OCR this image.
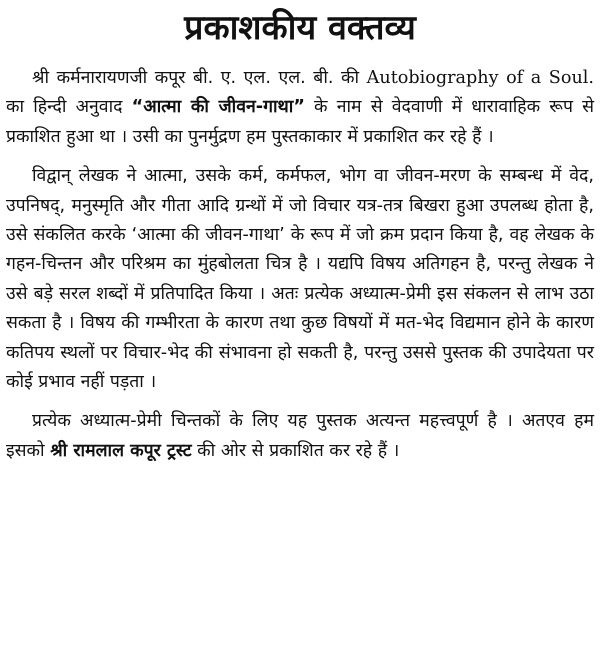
प्रकाशकीय वक्तव्य

श्री कर्मनारायणजी कपूर बी. ए. एल. एल. बी. की Autobiography of a Soul. का हिन्दी अनुवाद “आत्मा की जीवन-गाथा” के नाम से वेदवाणी में धारावाहिक रूप से प्रकाशित हुआ था । उसी का पुनर्मुद्रण हम पुस्तकाकार में प्रकाशित कर रहे हैं ।

विद्वान् लेखक ने आत्मा, उसके कर्म, कर्मफल, भोग वा जीवन-मरण के सम्बन्ध में वेद, उपनिषद्, मनुस्मृति और गीता आदि ग्रन्थों में जो विचार यत्र-तत्र बिखरा हुआ उपलब्ध होता है, उसे संकलित करके ‘आत्मा की जीवन-गाथा’ के रूप में जो क्रम प्रदान किया है, वह लेखक के गहन-चिन्तन और परिश्रम का मुंहबोलता चित्र है । यद्यपि विषय अतिगहन है, परन्तु लेखक ने उसे बड़े सरल शब्दों में प्रतिपादित किया । अतः प्रत्येक अध्यात्म-प्रेमी इस संकलन से लाभ उठा सकता है । विषय की गम्भीरता के कारण तथा कुछ विषयों में मत-भेद विद्यमान होने के कारण कतिपय स्थलों पर विचार-भेद की संभावना हो सकती है, परन्तु उससे पुस्तक की उपादेयता पर कोई प्रभाव नहीं पड़ता ।

प्रत्येक अध्यात्म-प्रेमी चिन्तकों के लिए यह पुस्तक अत्यन्त महत्त्वपूर्ण है । अतएव हम इसको श्री रामलाल कपूर ट्रस्ट की ओर से प्रकाशित कर रहे हैं ।
